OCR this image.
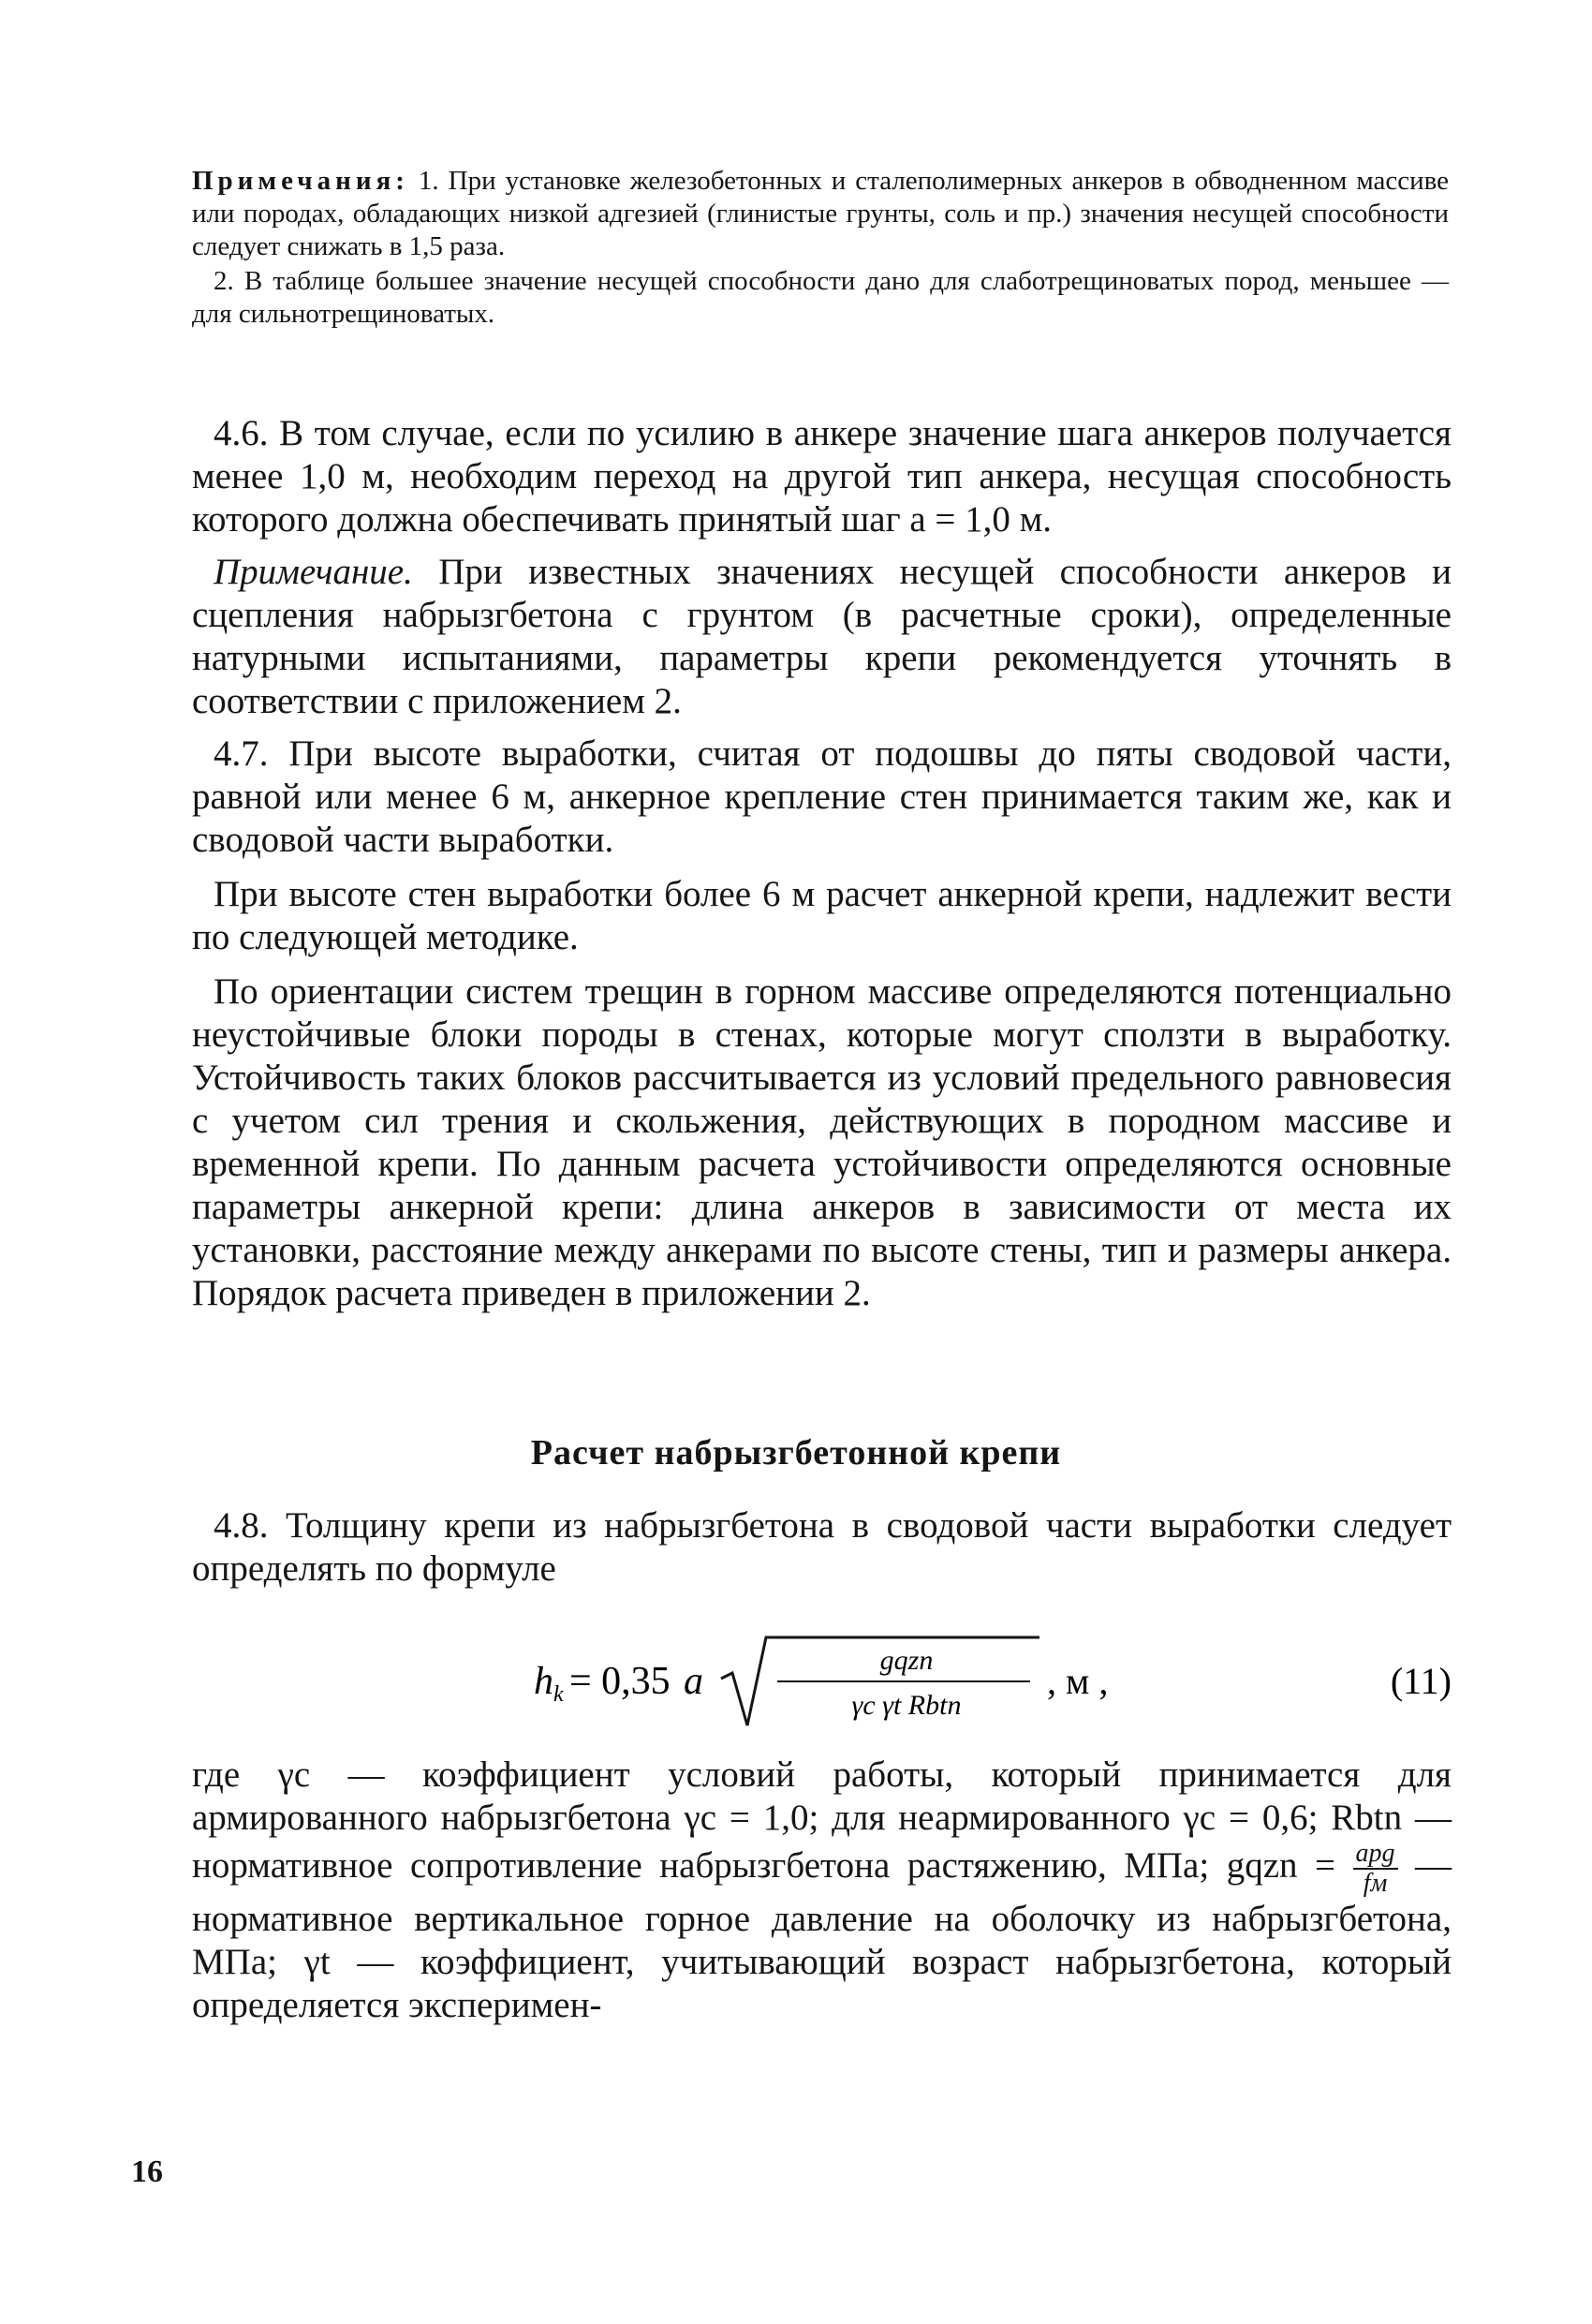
Примечания: 1. При установке железобетонных и сталеполимерных анкеров в обводненном массиве или породах, обладающих низкой адгезией (глинистые грунты, соль и пр.) значения несущей способности следует снижать в 1,5 раза.

2. В таблице большее значение несущей способности дано для слаботрещиноватых пород, меньшее — для сильнотрещиноватых.

4.6. В том случае, если по усилию в анкере значение шага анкеров получается менее 1,0 м, необходим переход на другой тип анкера, несущая способность которого должна обеспечивать принятый шаг a = 1,0 м.

Примечание. При известных значениях несущей способности анкеров и сцепления набрызгбетона с грунтом (в расчетные сроки), определенные натурными испытаниями, параметры крепи рекомендуется уточнять в соответствии с приложением 2.

4.7. При высоте выработки, считая от подошвы до пяты сводовой части, равной или менее 6 м, анкерное крепление стен принимается таким же, как и сводовой части выработки.

При высоте стен выработки более 6 м расчет анкерной крепи, надлежит вести по следующей методике.

По ориентации систем трещин в горном массиве определяются потенциально неустойчивые блоки породы в стенах, которые могут сползти в выработку. Устойчивость таких блоков рассчитывается из условий предельного равновесия с учетом сил трения и скольжения, действующих в породном массиве и временной крепи. По данным расчета устойчивости определяются основные параметры анкерной крепи: длина анкеров в зависимости от места их установки, расстояние между анкерами по высоте стены, тип и размеры анкера. Порядок расчета приведен в приложении 2.

Расчет набрызгбетонной крепи

4.8. Толщину крепи из набрызгбетона в сводовой части выработки следует определять по формуле

h k = 0,35 a	gqzn
γc γt Rbtn
, м ,	(11)

где γc — коэффициент условий работы, который принимается для армированного набрызгбетона γc = 1,0; для неармированного γc = 0,6; Rbtn — нормативное сопротивление набрызгбетона растяжению, МПа; gqzn = $\frac{\text{apg}}{fм}$ — нормативное вертикальное горное давление на оболочку из набрызгбетона, МПа; γt — коэффициент, учитывающий возраст набрызгбетона, который определяется эксперимен-

16
